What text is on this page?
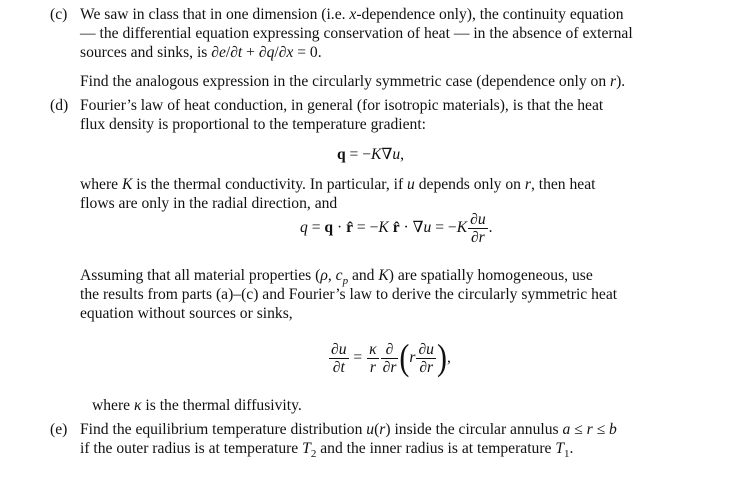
(c) We saw in class that in one dimension (i.e. x-dependence only), the continuity equation
— the differential equation expressing conservation of heat — in the absence of external
sources and sinks, is ∂e/∂t + ∂q/∂x = 0.
Find the analogous expression in the circularly symmetric case (dependence only on r).
(d) Fourier’s law of heat conduction, in general (for isotropic materials), is that the heat
flux density is proportional to the temperature gradient:
q = −K∇u,
where K is the thermal conductivity. In particular, if u depends only on r, then heat
flows are only in the radial direction, and
q = q · r̂ = −K r̂ · $\nabla u = -K \frac{\partial u}{\partial r}$ .
Assuming that all material properties (ρ, $c_p$ and K) are spatially homogeneous, use
the results from parts (a)–(c) and Fourier’s law to derive the circularly symmetric heat
equation without sources or sinks,
$\frac{\partial u}{\partial t} = \frac{\kappa}{r} \frac{\partial}{\partial r} (r \frac{\partial u}{\partial r}$ ),
where κ is the thermal diffusivity.
(e) Find the equilibrium temperature distribution u(r) inside the circular annulus a ≤ r ≤ b
if the outer radius is at temperature $T_2$ and the inner radius is at temperature $T_1$.
